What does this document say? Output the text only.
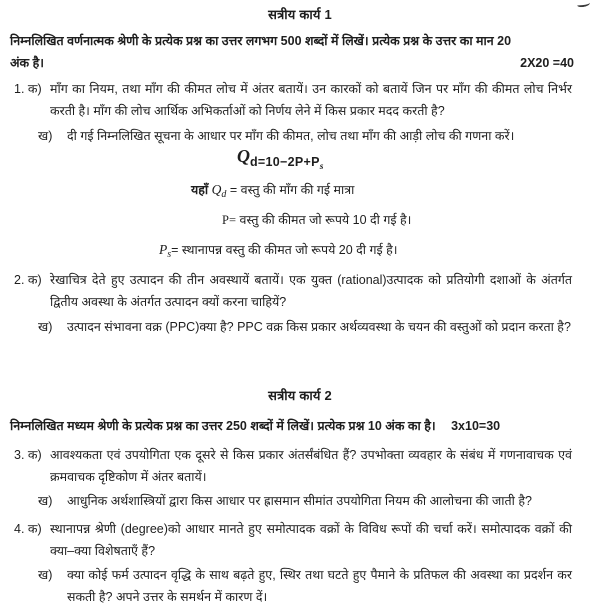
सत्रीय कार्य 1
निम्नलिखित वर्णनात्मक श्रेणी के प्रत्येक प्रश्न का उत्तर लगभग 500 शब्दों में लिखें। प्रत्येक प्रश्न के उत्तर का मान 20
अंक है।	2X20 =40
1. क) माँग का नियम, तथा माँग की कीमत लोच में अंतर बतायें। उन कारकों को बतायें जिन पर माँग की कीमत लोच निर्भर करती है। माँग की लोच आर्थिक अभिकर्ताओं को निर्णय लेने में किस प्रकार मदद करती है?
ख)	दी गई निम्नलिखित सूचना के आधार पर माँग की कीमत, लोच तथा माँग की आड़ी लोच की गणना करें।
$Qd=10-2P+P_s$
यहाँ $Q_d$ = वस्तु की माँग की गई मात्रा
P= वस्तु की कीमत जो रूपये 10 दी गई है।
$P_s=$ स्थानापन्न वस्तु की कीमत जो रूपये 20 दी गई है।
2. क) रेखाचित्र देते हुए उत्पादन की तीन अवस्थायें बतायें। एक युक्त (rational)उत्पादक को प्रतियोगी दशाओं के अंतर्गत द्वितीय अवस्था के अंतर्गत उत्पादन क्यों करना चाहियें?
ख)	उत्पादन संभावना वक्र (PPC)क्या है? PPC वक्र किस प्रकार अर्थव्यवस्था के चयन की वस्तुओं को प्रदान करता है?
सत्रीय कार्य 2
निम्नलिखित मध्यम श्रेणी के प्रत्येक प्रश्न का उत्तर 250 शब्दों में लिखें। प्रत्येक प्रश्न 10 अंक का है। 3x10=30
3. क) आवश्यकता एवं उपयोगिता एक दूसरे से किस प्रकार अंतर्संबंधित हैं? उपभोक्ता व्यवहार के संबंध में गणनावाचक एवं क्रमवाचक दृष्टिकोण में अंतर बतायें।
ख)	आधुनिक अर्थशास्त्रियों द्वारा किस आधार पर ह्रासमान सीमांत उपयोगिता नियम की आलोचना की जाती है?
4. क) स्थानापन्न श्रेणी (degree)को आधार मानते हुए समोत्पादक वक्रों के विविध रूपों की चर्चा करें। समोत्पादक वक्रों की क्या–क्या विशेषताएँ हैं?
ख)	क्या कोई फर्म उत्पादन वृद्धि के साथ बढ़ते हुए, स्थिर तथा घटते हुए पैमाने के प्रतिफल की अवस्था का प्रदर्शन कर सकती है? अपने उत्तर के समर्थन में कारण दें।
